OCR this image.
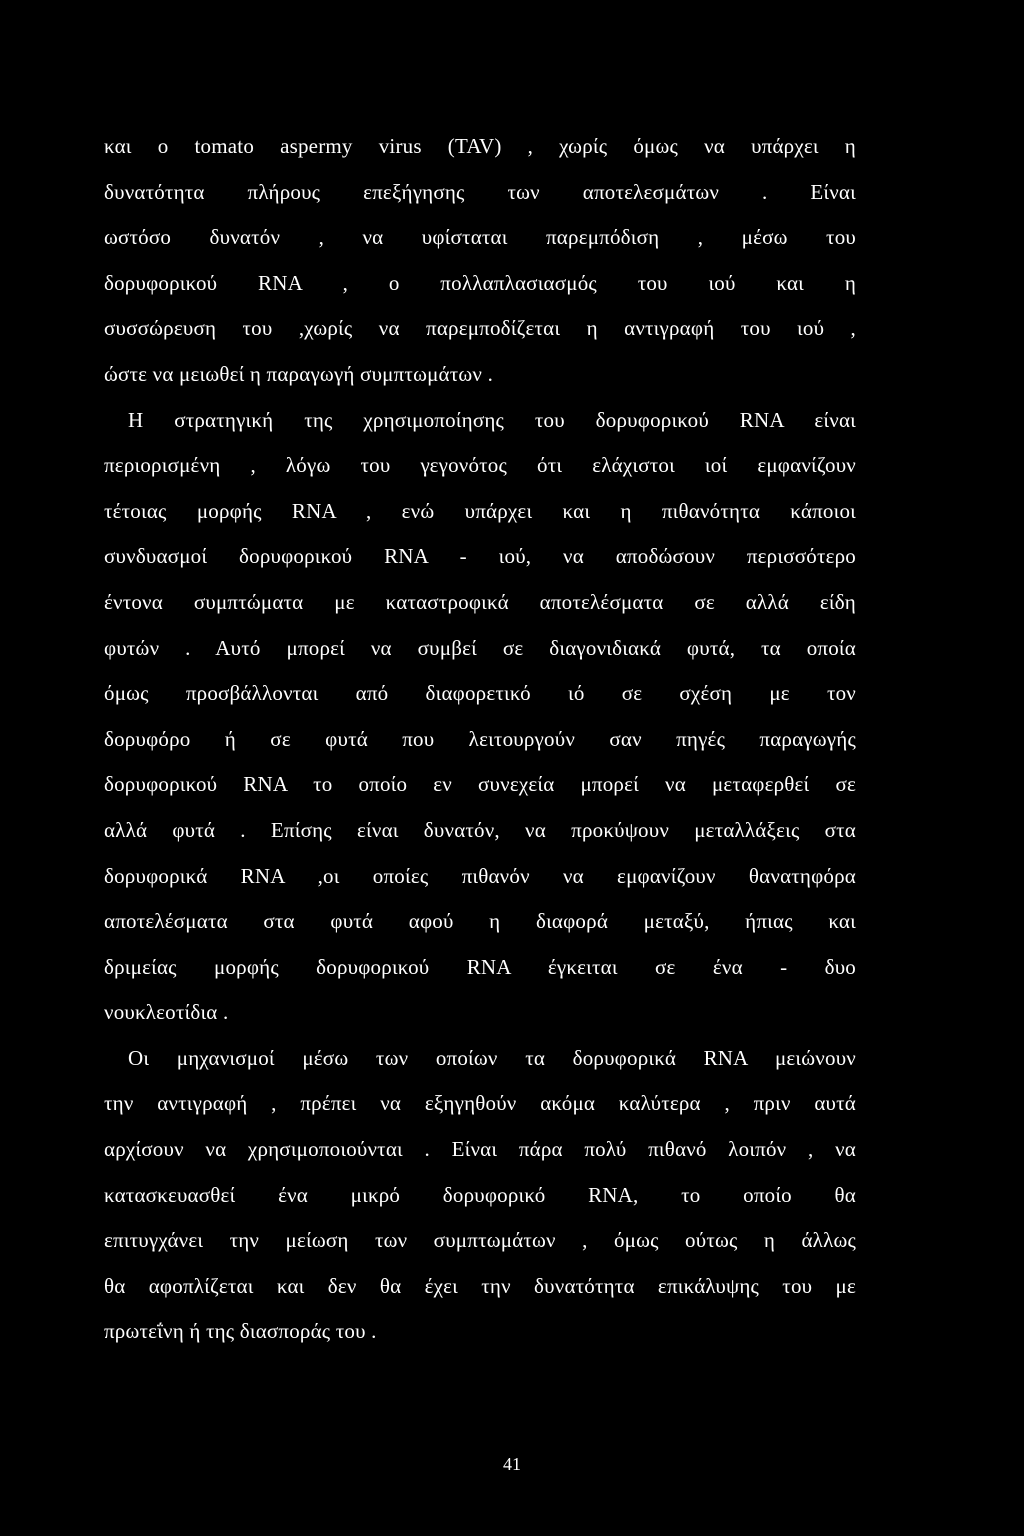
και ο tomato aspermy virus (TAV) , χωρίς όμως να υπάρχει η
δυνατότητα πλήρους επεξήγησης των αποτελεσμάτων . Είναι
ωστόσο δυνατόν , να υφίσταται παρεμπόδιση , μέσω του
δορυφορικού RNA , ο πολλαπλασιασμός του ιού και η
συσσώρευση του ,χωρίς να παρεμποδίζεται η αντιγραφή του ιού ,
ώστε να μειωθεί η παραγωγή συμπτωμάτων .
Η στρατηγική της χρησιμοποίησης του δορυφορικού RNA είναι
περιορισμένη , λόγω του γεγονότος ότι ελάχιστοι ιοί εμφανίζουν
τέτοιας μορφής RNA , ενώ υπάρχει και η πιθανότητα κάποιοι
συνδυασμοί δορυφορικού RNA - ιού, να αποδώσουν περισσότερο
έντονα συμπτώματα με καταστροφικά αποτελέσματα σε αλλά είδη
φυτών . Αυτό μπορεί να συμβεί σε διαγονιδιακά φυτά, τα οποία
όμως προσβάλλονται από διαφορετικό ιό σε σχέση με τον
δορυφόρο ή σε φυτά που λειτουργούν σαν πηγές παραγωγής
δορυφορικού RNA το οποίο εν συνεχεία μπορεί να μεταφερθεί σε
αλλά φυτά . Επίσης είναι δυνατόν, να προκύψουν μεταλλάξεις στα
δορυφορικά RNA ,οι οποίες πιθανόν να εμφανίζουν θανατηφόρα
αποτελέσματα στα φυτά αφού η διαφορά μεταξύ, ήπιας και
δριμείας μορφής δορυφορικού RNA έγκειται σε ένα - δυο
νουκλεοτίδια .
Οι μηχανισμοί μέσω των οποίων τα δορυφορικά RNA μειώνουν
την αντιγραφή , πρέπει να εξηγηθούν ακόμα καλύτερα , πριν αυτά
αρχίσουν να χρησιμοποιούνται . Είναι πάρα πολύ πιθανό λοιπόν , να
κατασκευασθεί ένα μικρό δορυφορικό RNA, το οποίο θα
επιτυγχάνει την μείωση των συμπτωμάτων , όμως ούτως η άλλως
θα αφοπλίζεται και δεν θα έχει την δυνατότητα επικάλυψης του με
πρωτεΐνη ή της διασποράς του .
41
